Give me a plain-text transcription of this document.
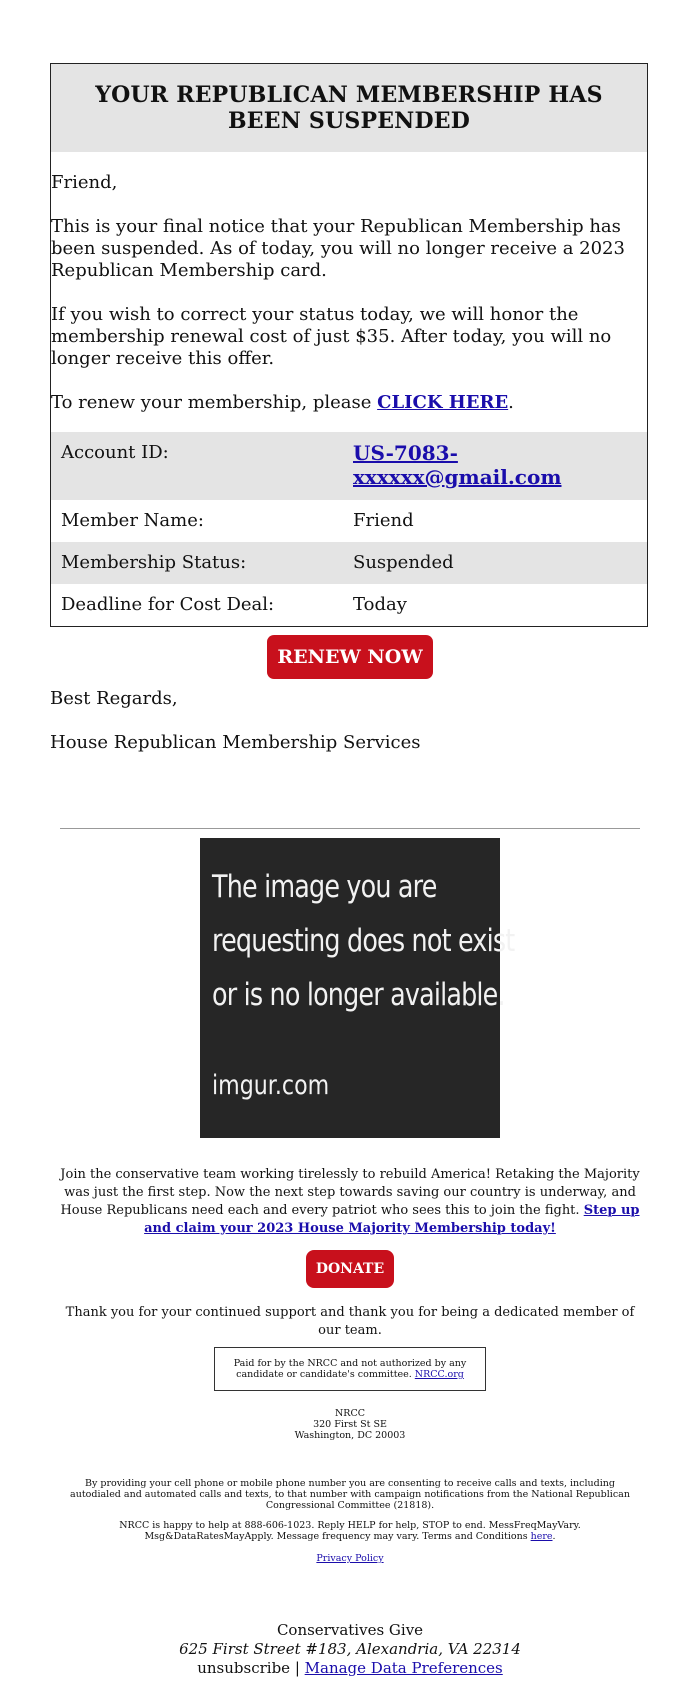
YOUR REPUBLICAN MEMBERSHIP HAS BEEN SUSPENDED

Friend,

This is your final notice that your Republican Membership has been suspended. As of today, you will no longer receive a 2023 Republican Membership card.

If you wish to correct your status today, we will honor the membership renewal cost of just $35. After today, you will no longer receive this offer.

To renew your membership, please CLICK HERE.

Account ID:	US-7083-xxxxxx@gmail.com
Member Name:	Friend
Membership Status:	Suspended
Deadline for Cost Deal:	Today
RENEW NOW
Best Regards,
House Republican Membership Services
The image you are
requesting does not exist
or is no longer available.
imgur.com
Join the conservative team working tirelessly to rebuild America! Retaking the Majority was just the first step. Now the next step towards saving our country is underway, and House Republicans need each and every patriot who sees this to join the fight. Step up and claim your 2023 House Majority Membership today!
DONATE
Thank you for your continued support and thank you for being a dedicated member of our team.
Paid for by the NRCC and not authorized by any candidate or candidate's committee. NRCC.org
NRCC
320 First St SE
Washington, DC 20003
By providing your cell phone or mobile phone number you are consenting to receive calls and texts, including autodialed and automated calls and texts, to that number with campaign notifications from the National Republican Congressional Committee (21818).
NRCC is happy to help at 888-606-1023. Reply HELP for help, STOP to end. MessFreqMayVary. Msg&DataRatesMayApply. Message frequency may vary. Terms and Conditions here.
Privacy Policy
Conservatives Give
625 First Street #183, Alexandria, VA 22314
unsubscribe | Manage Data Preferences
